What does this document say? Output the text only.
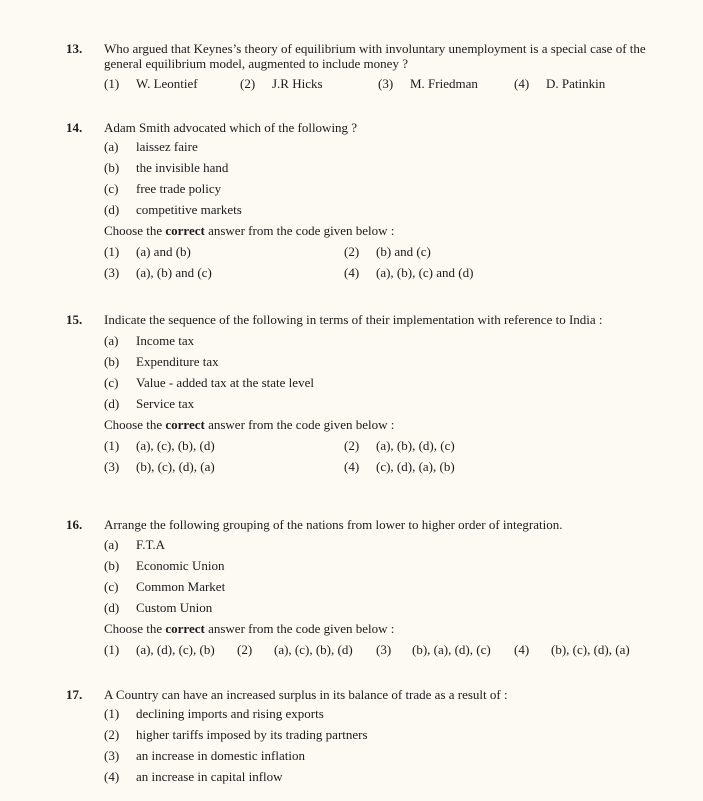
13.	Who argued that Keynes’s theory of equilibrium with involuntary unemployment is a special case of the general equilibrium model, augmented to include money ?
(1) W. Leontief	(2) J.R Hicks	(3) M. Friedman	(4) D. Patinkin
14.	Adam Smith advocated which of the following ?
(a) laissez faire
(b) the invisible hand
(c) free trade policy
(d) competitive markets
Choose the correct answer from the code given below :
(1) (a) and (b)	(2) (b) and (c)
(3) (a), (b) and (c)	(4) (a), (b), (c) and (d)
15.	Indicate the sequence of the following in terms of their implementation with reference to India :
(a) Income tax
(b) Expenditure tax
(c) Value - added tax at the state level
(d) Service tax
Choose the correct answer from the code given below :
(1) (a), (c), (b), (d)	(2) (a), (b), (d), (c)
(3) (b), (c), (d), (a)	(4) (c), (d), (a), (b)
16.	Arrange the following grouping of the nations from lower to higher order of integration.
(a) F.T.A
(b) Economic Union
(c) Common Market
(d) Custom Union
Choose the correct answer from the code given below :
(1) (a), (d), (c), (b) (2) (a), (c), (b), (d) (3) (b), (a), (d), (c) (4) (b), (c), (d), (a)
17.	A Country can have an increased surplus in its balance of trade as a result of :
(1) declining imports and rising exports
(2) higher tariffs imposed by its trading partners
(3) an increase in domestic inflation
(4) an increase in capital inflow
